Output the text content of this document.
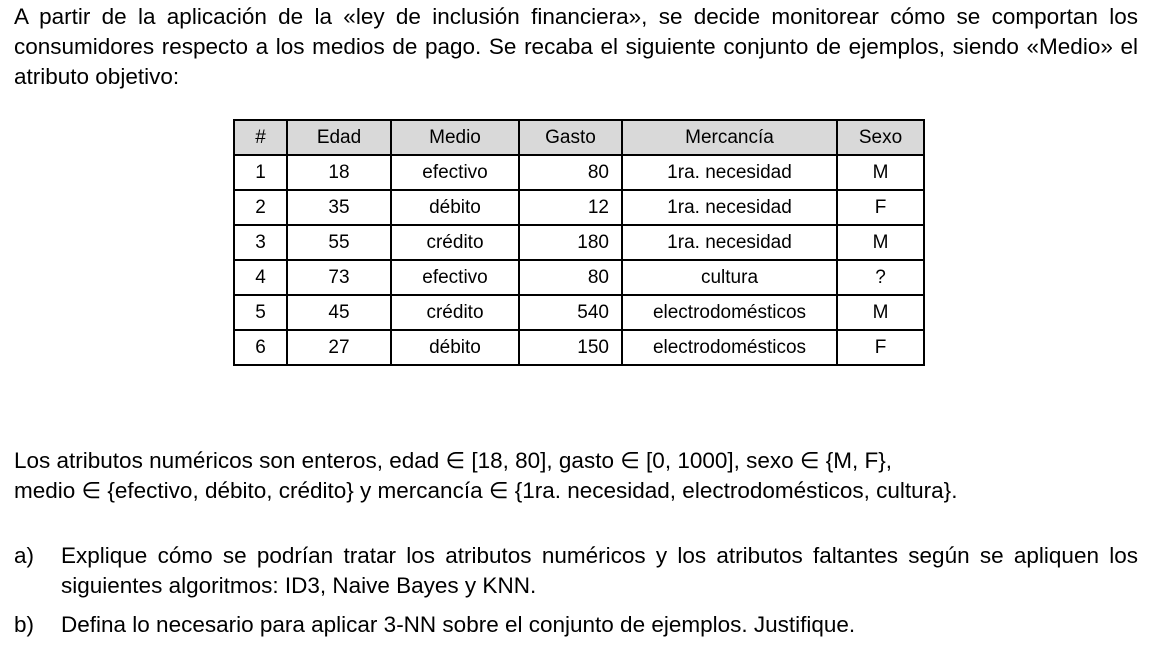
A partir de la aplicación de la «ley de inclusión financiera», se decide monitorear cómo se comportan los consumidores respecto a los medios de pago. Se recaba el siguiente conjunto de ejemplos, siendo «Medio» el atributo objetivo:

#	Edad	Medio	Gasto	Mercancía	Sexo
1	18	efectivo	80	1ra. necesidad	M
2	35	débito	12	1ra. necesidad	F
3	55	crédito	180	1ra. necesidad	M
4	73	efectivo	80	cultura	?
5	45	crédito	540	electrodomésticos	M
6	27	débito	150	electrodomésticos	F

Los atributos numéricos son enteros, edad ∈ [18, 80], gasto ∈ [0, 1000], sexo ∈ {M, F},
medio ∈ {efectivo, débito, crédito} y mercancía ∈ {1ra. necesidad, electrodomésticos, cultura}.

a)	Explique cómo se podrían tratar los atributos numéricos y los atributos faltantes según se apliquen los siguientes algoritmos: ID3, Naive Bayes y KNN.
b)	Defina lo necesario para aplicar 3-NN sobre el conjunto de ejemplos. Justifique.
